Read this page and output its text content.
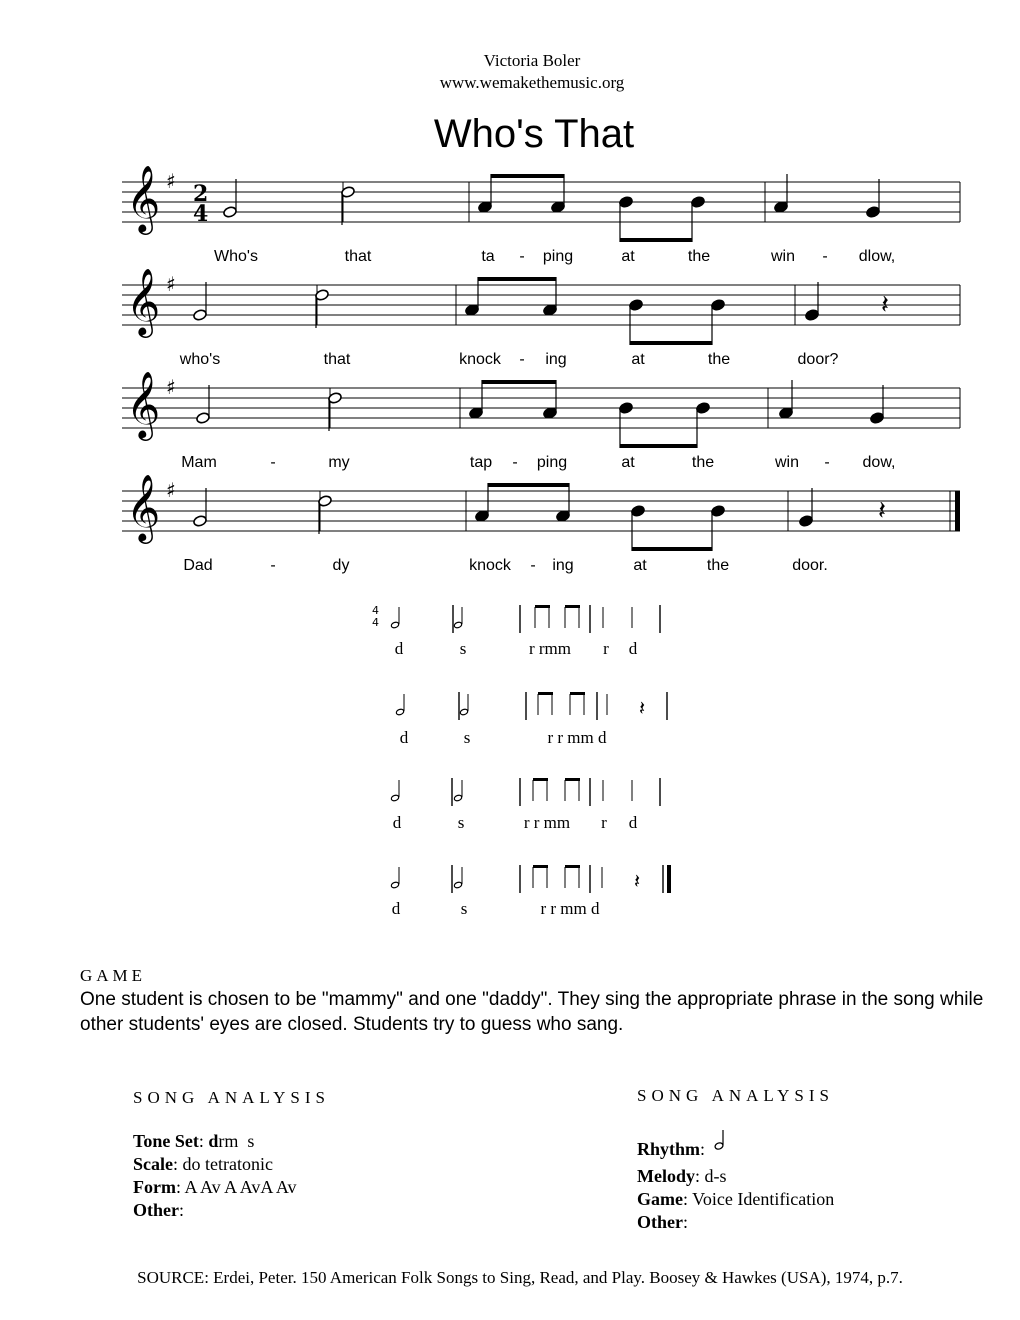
Victoria Boler
www.wemakethemusic.org
Who's That
𝄞 ♯ 2
4
Who's	that	ta - ping	at	the	win - dlow,
𝄞 ♯
𝄽
who's	that	knock - ing	at	the	door?
𝄞 ♯
Mam	-	my	tap - ping	at	the	win - dow,
𝄞 ♯
𝄽
Dad	-	dy	knock - ing	at	the	door.
4
4
d	s	r rmm	d
r
𝄽
d	s	r r mm d
d	s	r r mm	d
r
𝄽
d	s	r r mm d
GAME
One student is chosen to be "mammy" and one "daddy". They sing the appropriate phrase in the song while other students' eyes are closed. Students try to guess who sang.
SONG ANALYSIS
Tone Set: drm  s
Scale: do tetratonic
Form: A Av A AvA Av
Other:
SONG ANALYSIS
Rhythm:
Melody: d-s
Game: Voice Identification
Other:
SOURCE: Erdei, Peter. 150 American Folk Songs to Sing, Read, and Play. Boosey & Hawkes (USA), 1974, p.7.
